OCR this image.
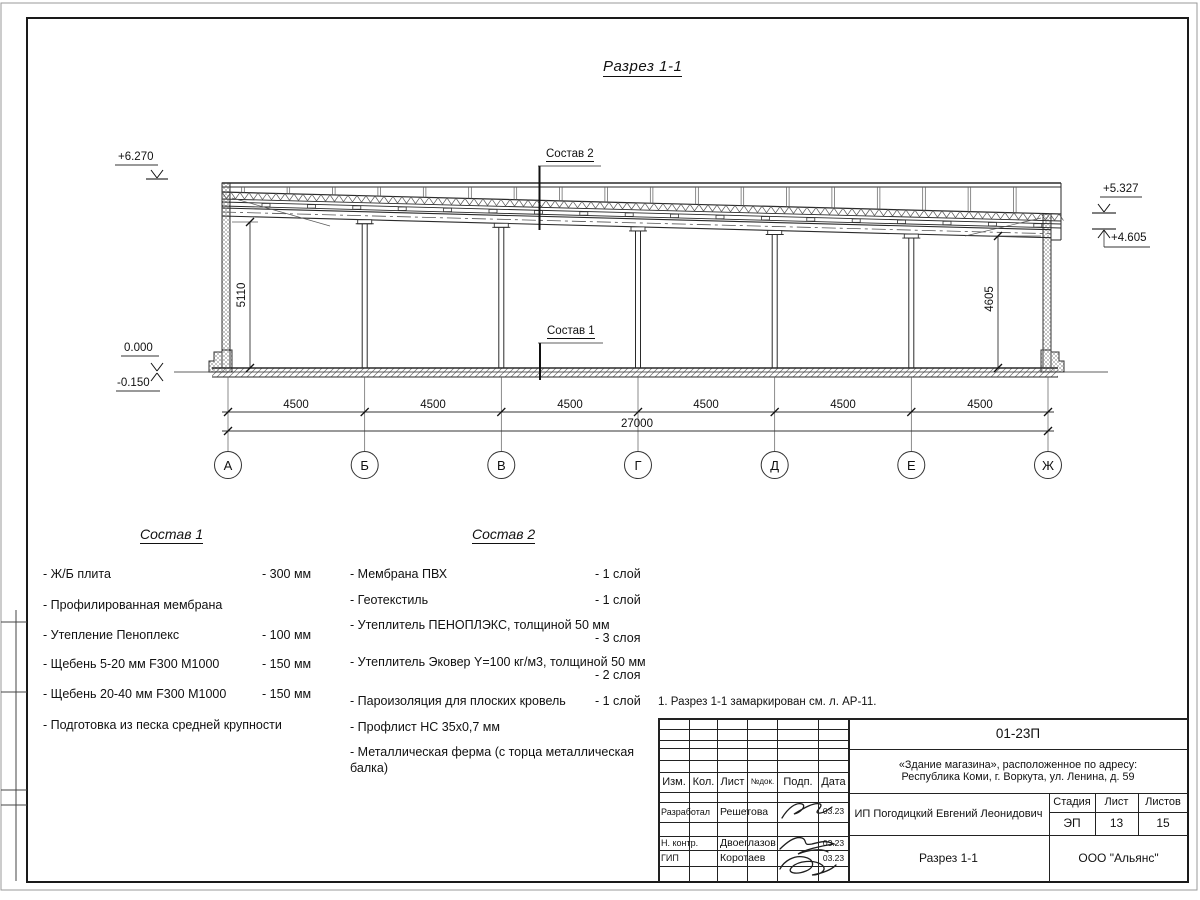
4500	4500	4500	4500	4500	4500
27000
А	Б	В	Г	Д	Е	Ж
5110	4605
Разрез 1-1
+6.270
+5.327
+4.605
0.000
-0.150
Состав 2
Состав 1
Состав 1
- Ж/Б плита	- 300 мм
- Профилированная мембрана
- Утепление Пеноплекс	- 100 мм
- Щебень 5-20 мм F300 М1000	- 150 мм
- Щебень 20-40 мм F300 М1000	- 150 мм
- Подготовка из песка средней крупности
Состав 2
- Мембрана ПВХ	- 1 слой
- Геотекстиль	- 1 слой
- Утеплитель ПЕНОПЛЭКС, толщиной 50 мм
- 3 слоя
- Утеплитель Эковер Y=100 кг/м3, толщиной 50 мм
- 2 слоя
- Пароизоляция для плоских кровель	- 1 слой
- Профлист НС 35х0,7 мм
- Металлическая ферма (с торца металлическая балка)
1. Разрез 1-1 замаркирован см. л. АР-11.
Изм. Кол. Лист №док. Подп. Дата
Разработал Решетова	03.23
Н. контр.	Двоеглазов	03.23
ГИП	Коротаев	03.23
01-23П
«Здание магазина», расположенное по адресу:
Республика Коми, г. Воркута, ул. Ленина, д. 59
ИП Погодицкий Евгений Леонидович
Стадия	Лист	Листов
ЭП	13	15
Разрез 1-1	ООО "Альянс"
